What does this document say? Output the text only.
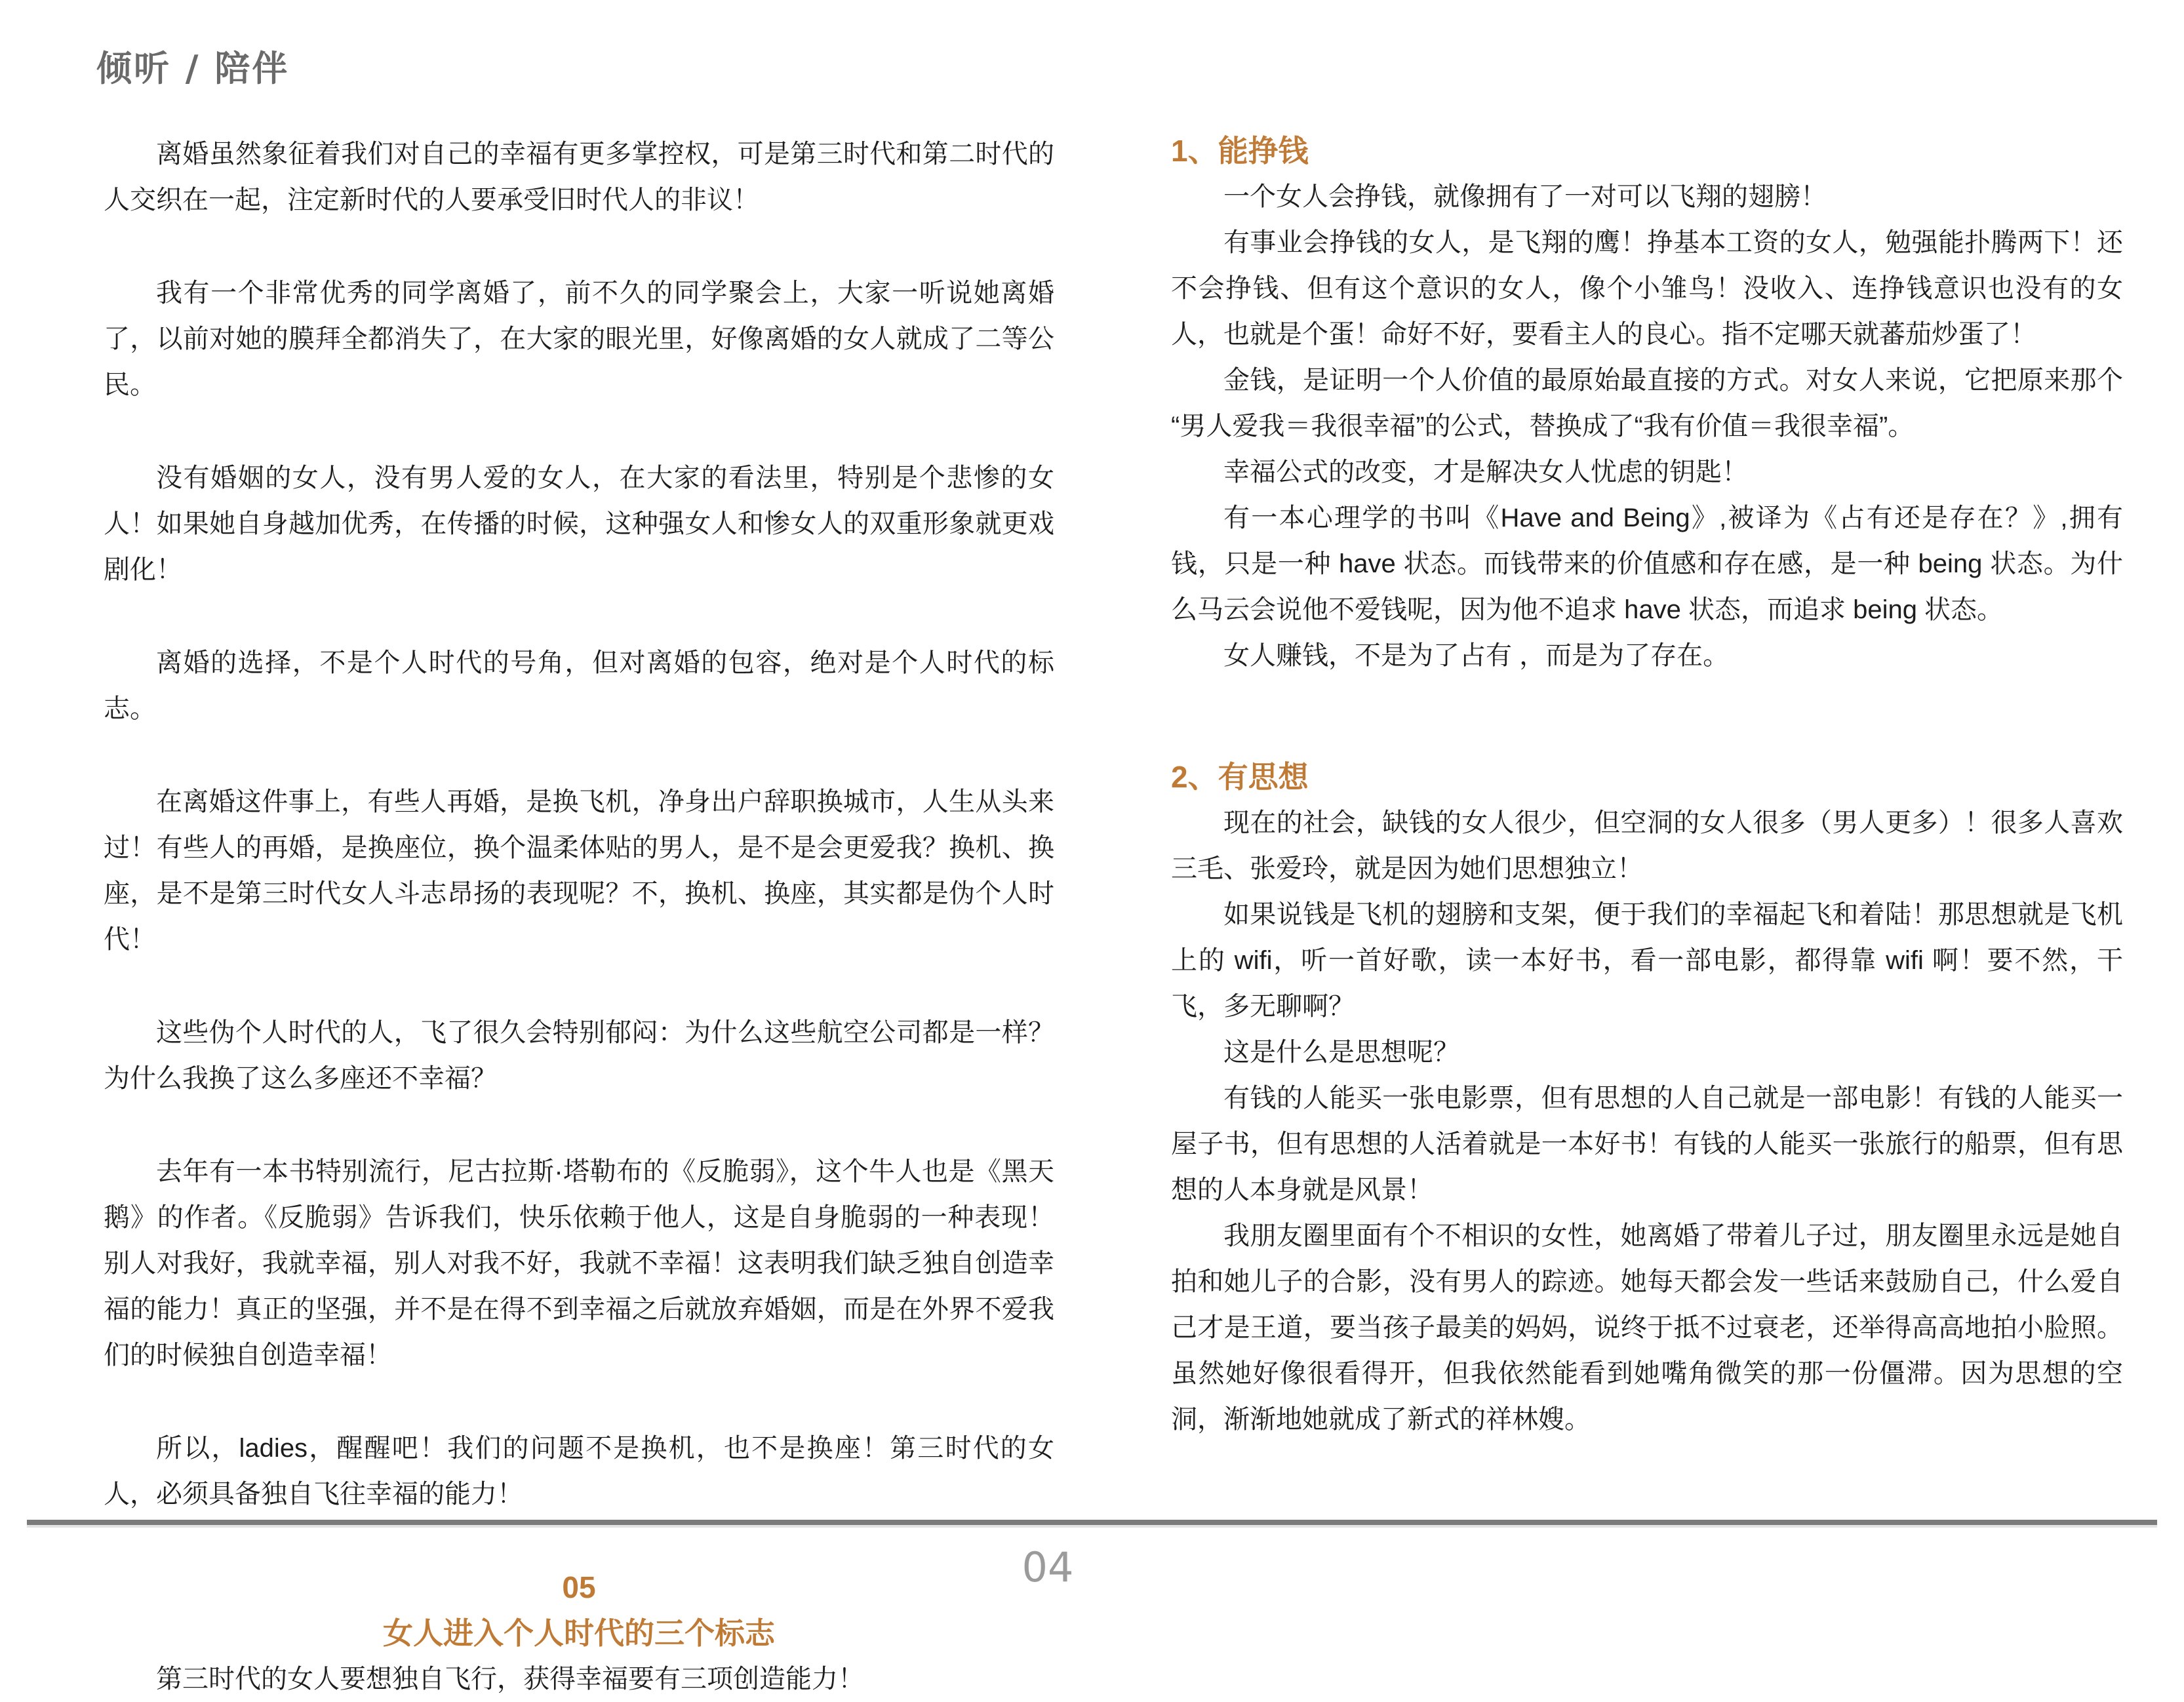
倾听 / 陪伴

离婚虽然象征着我们对自己的幸福有更多掌控权，可是第三时代和第二时代的人交织在一起，注定新时代的人要承受旧时代人的非议！

我有一个非常优秀的同学离婚了，前不久的同学聚会上，大家一听说她离婚了，以前对她的膜拜全都消失了，在大家的眼光里，好像离婚的女人就成了二等公民。

没有婚姻的女人，没有男人爱的女人，在大家的看法里，特别是个悲惨的女人！如果她自身越加优秀，在传播的时候，这种强女人和惨女人的双重形象就更戏剧化！

离婚的选择，不是个人时代的号角，但对离婚的包容，绝对是个人时代的标志。

在离婚这件事上，有些人再婚，是换飞机，净身出户辞职换城市，人生从头来过！有些人的再婚，是换座位，换个温柔体贴的男人，是不是会更爱我？换机、换座，是不是第三时代女人斗志昂扬的表现呢？不，换机、换座，其实都是伪个人时代！

这些伪个人时代的人，飞了很久会特别郁闷：为什么这些航空公司都是一样？为什么我换了这么多座还不幸福？

去年有一本书特别流行，尼古拉斯·塔勒布的《反脆弱》，这个牛人也是《黑天鹅》的作者。《反脆弱》告诉我们，快乐依赖于他人，这是自身脆弱的一种表现！别人对我好，我就幸福，别人对我不好，我就不幸福！这表明我们缺乏独自创造幸福的能力！真正的坚强，并不是在得不到幸福之后就放弃婚姻，而是在外界不爱我们的时候独自创造幸福！

所以，ladies，醒醒吧！我们的问题不是换机，也不是换座！第三时代的女人，必须具备独自飞往幸福的能力！

05

女人进入个人时代的三个标志

第三时代的女人要想独自飞行，获得幸福要有三项创造能力！

1、能挣钱

一个女人会挣钱，就像拥有了一对可以飞翔的翅膀！

有事业会挣钱的女人，是飞翔的鹰！挣基本工资的女人，勉强能扑腾两下！还不会挣钱、但有这个意识的女人，像个小雏鸟！没收入、连挣钱意识也没有的女人，也就是个蛋！命好不好，要看主人的良心。指不定哪天就蕃茄炒蛋了！

金钱，是证明一个人价值的最原始最直接的方式。对女人来说，它把原来那个“男人爱我＝我很幸福”的公式，替换成了“我有价值＝我很幸福”。

幸福公式的改变，才是解决女人忧虑的钥匙！

有一本心理学的书叫《Have and Being》,被译为《占有还是存在？》,拥有钱，只是一种 have 状态。而钱带来的价值感和存在感，是一种 being 状态。为什么马云会说他不爱钱呢，因为他不追求 have 状态，而追求 being 状态。

女人赚钱，不是为了占有 ，而是为了存在。

2、有思想

现在的社会，缺钱的女人很少，但空洞的女人很多（男人更多）！很多人喜欢三毛、张爱玲，就是因为她们思想独立！

如果说钱是飞机的翅膀和支架，便于我们的幸福起飞和着陆！那思想就是飞机上的 wifi，听一首好歌，读一本好书，看一部电影，都得靠 wifi 啊！要不然，干飞，多无聊啊？

这是什么是思想呢？

有钱的人能买一张电影票，但有思想的人自己就是一部电影！有钱的人能买一屋子书，但有思想的人活着就是一本好书！有钱的人能买一张旅行的船票，但有思想的人本身就是风景！

我朋友圈里面有个不相识的女性，她离婚了带着儿子过，朋友圈里永远是她自拍和她儿子的合影，没有男人的踪迹。她每天都会发一些话来鼓励自己，什么爱自己才是王道，要当孩子最美的妈妈，说终于抵不过衰老，还举得高高地拍小脸照。虽然她好像很看得开，但我依然能看到她嘴角微笑的那一份僵滞。因为思想的空洞，渐渐地她就成了新式的祥林嫂。

04
